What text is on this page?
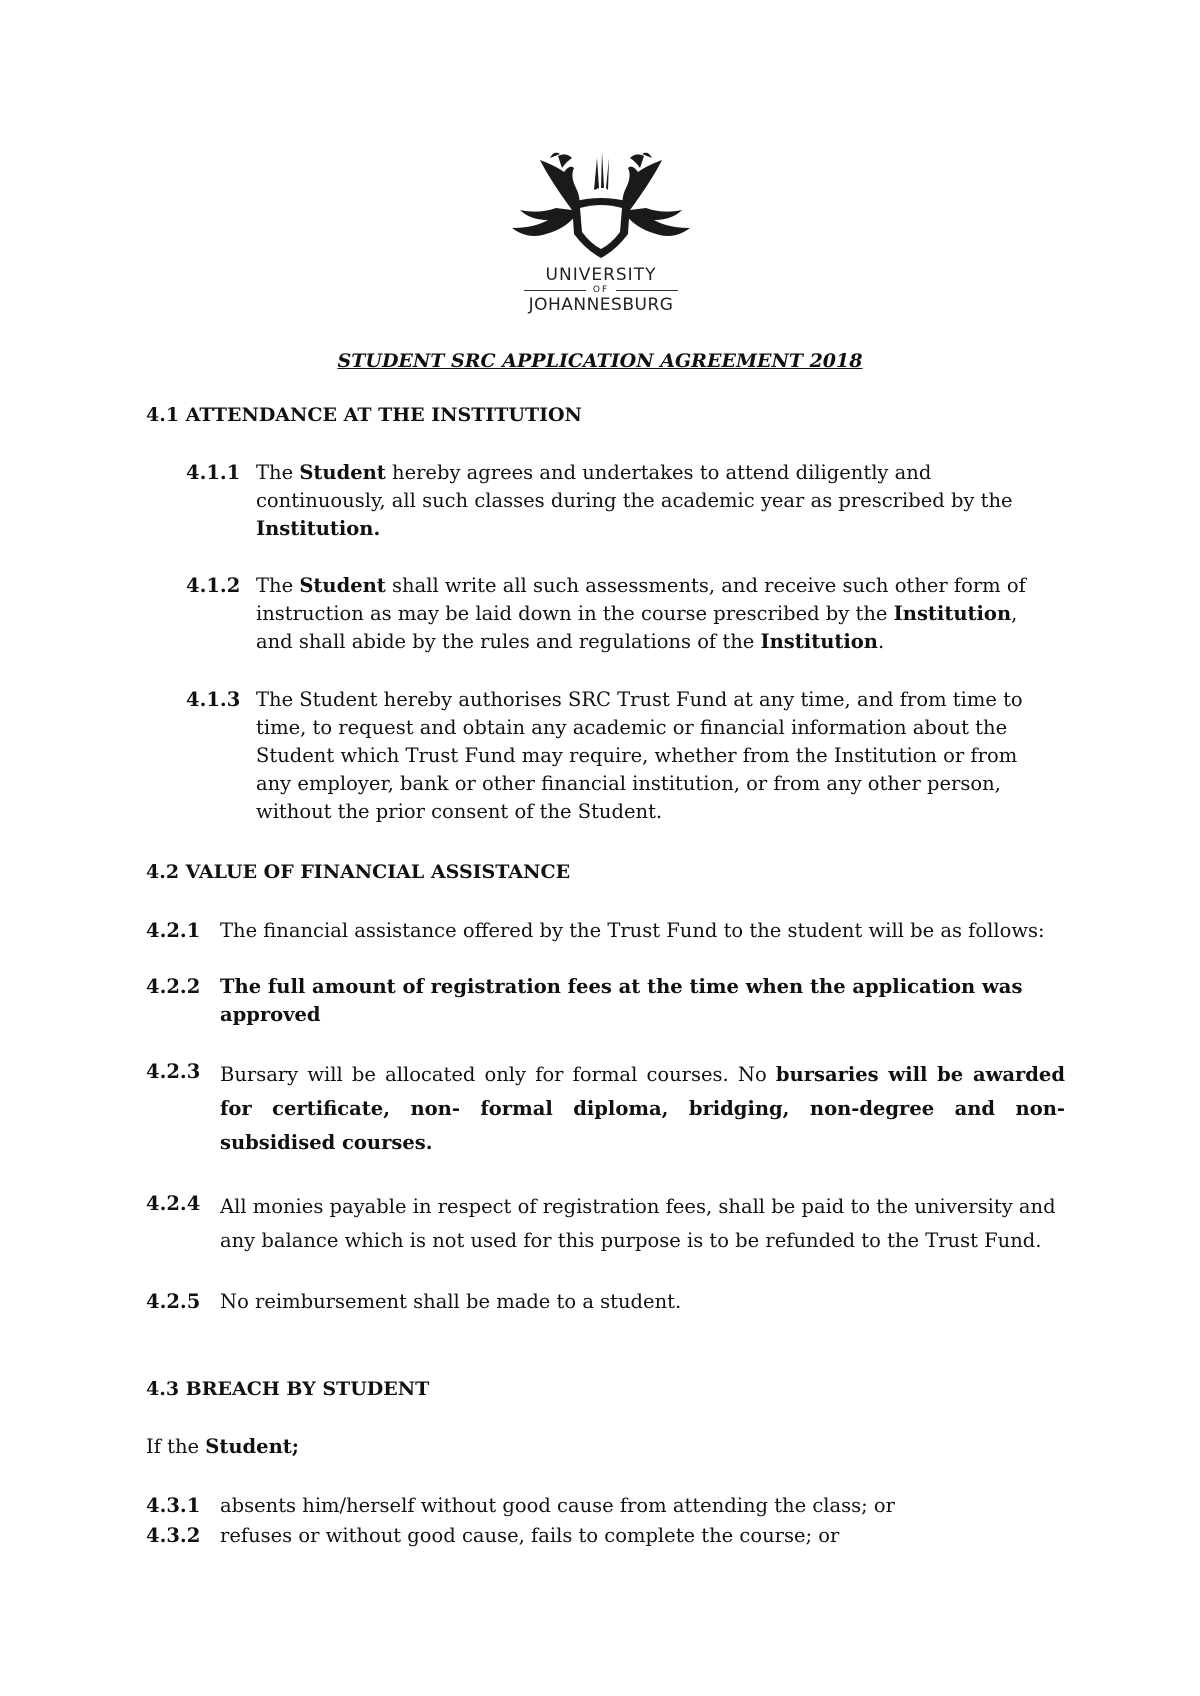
UNIVERSITY
OF
JOHANNESBURG
STUDENT SRC APPLICATION AGREEMENT 2018
4.1 ATTENDANCE AT THE INSTITUTION
4.1.1 The Student hereby agrees and undertakes to attend diligently and continuously, all such classes during the academic year as prescribed by the Institution.
4.1.2 The Student shall write all such assessments, and receive such other form of instruction as may be laid down in the course prescribed by the Institution, and shall abide by the rules and regulations of the Institution.
4.1.3 The Student hereby authorises SRC Trust Fund at any time, and from time to time, to request and obtain any academic or financial information about the Student which Trust Fund may require, whether from the Institution or from any employer, bank or other financial institution, or from any other person, without the prior consent of the Student.
4.2 VALUE OF FINANCIAL ASSISTANCE
4.2.1 The financial assistance offered by the Trust Fund to the student will be as follows:
4.2.2 The full amount of registration fees at the time when the application was approved
4.2.3 Bursary will be allocated only for formal courses. No bursaries will be awarded for certificate, non- formal diploma, bridging, non-degree and non-subsidised courses.
4.2.4 All monies payable in respect of registration fees, shall be paid to the university and any balance which is not used for this purpose is to be refunded to the Trust Fund.
4.2.5 No reimbursement shall be made to a student.
4.3 BREACH BY STUDENT
If the Student;
4.3.1 absents him/herself without good cause from attending the class; or
4.3.2 refuses or without good cause, fails to complete the course; or
